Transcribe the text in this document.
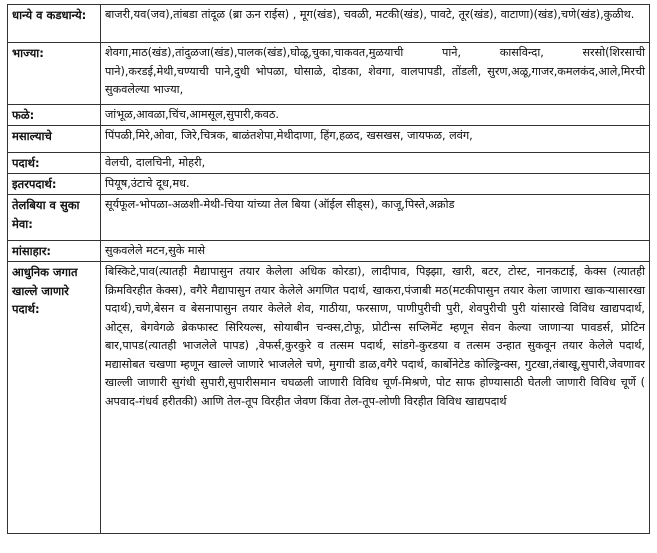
धान्ये व कडधान्ये:	बाजरी,यव(जव),तांबडा तांदूळ (ब्रा ऊन राईस) , मूग(खंड), चवळी, मटकी(खंड), पावटे, तूर(खंड), वाटाणा)(खंड),चणे(खंड),कुळीथ.
भाज्या:	शेवगा,माठ(खंड),तांदुळजा(खंड),पालक(खंड),घोळू,चुका,चाकवत,मुळयाची पाने, कासविन्दा, सरसो(शिरसाची पाने),करडई,मेथी,चण्याची पाने,दुधी भोपळा, घोसाळे, दोडका, शेवगा, वालपापडी, तोंडली, सुरण,अळू,गाजर,कमलकंद,आले,मिरची सुकवलेल्या भाज्या,
फळे:	जांभूळ,आवळा,चिंच,आमसूल,सुपारी,कवठ.
मसाल्याचे	पिंपळी,मिरे,ओवा, जिरे,चित्रक, बाळंतशेपा,मेथीदाणा, हिंग,हळद, खसखस, जायफळ, लवंग,
पदार्थ:	वेलची, दालचिनी, मोहरी,
इतरपदार्थ:	पियूष,उंटाचे दूध,मध.
तेलबिया व सुका मेवा:	सूर्यफूल-भोपळा-अळशी-मेथी-चिया यांच्या तेल बिया (ऑईल सीड्स), काजू,पिस्ते,अक्रोड
मांसाहार:	सुकवलेले मटन,सुके मासे
आधुनिक जगात खाल्ले जाणारे पदार्थ:	बिस्किटे,पाव(त्यातही मैद्यापासुन तयार केलेला अधिक कोरडा), लादीपाव, पिझ्झा, खारी, बटर, टोस्ट, नानकटाई, केक्स (त्यातही क्रिमविरहीत केक्स), वगैरे मैद्यापासुन तयार केलेले अगणित पदार्थ, खाकरा,पंजाबी मठ(मटकीपासुन तयार केला जाणारा खाकऱ्यासारखा पदार्थ),चणे,बेसन व बेसनापासुन तयार केलेले शेव, गाठीया, फरसाण, पाणीपुरीची पुरी, शेवपुरीची पुरी यांसारखे विविध खाद्यपदार्थ, ओट्स, बेगवेगळे ब्रेकफास्ट सिरियल्स, सोयाबीन चन्क्स,टोफू, प्रोटीन्स सप्लिमेंट म्हणून सेवन केल्या जाणाऱ्या पावडर्स, प्रोटिन बार,पापड(त्यातही भाजलेले पापड) ,वेफर्स,कुरकुरे व तत्सम पदार्थ, सांडगे-कुरडया व तत्सम उन्हात सुकवून तयार केलेले पदार्थ, मद्यासोबत चखणा म्हणून खाल्ले जाणारे भाजलेले चणे, मुगाची डाळ,वगैरे पदार्थ, कार्बोनेटेड कोल्ड्रिन्क्स, गुटखा,तंबाखू,सुपारी,जेवणावर खाल्ली जाणारी सुगंधी सुपारी,सुपारीसमान चघळली जाणारी विविध चूर्ण-मिश्रणे, पोट साफ होण्यासाठी घेतली जाणारी विविध चूर्णे ( अपवाद-गंधर्व हरीतकी) आणि तेल-तूप विरहीत जेवण किंवा तेल-तूप-लोणी विरहीत विविध खाद्यपदार्थ
